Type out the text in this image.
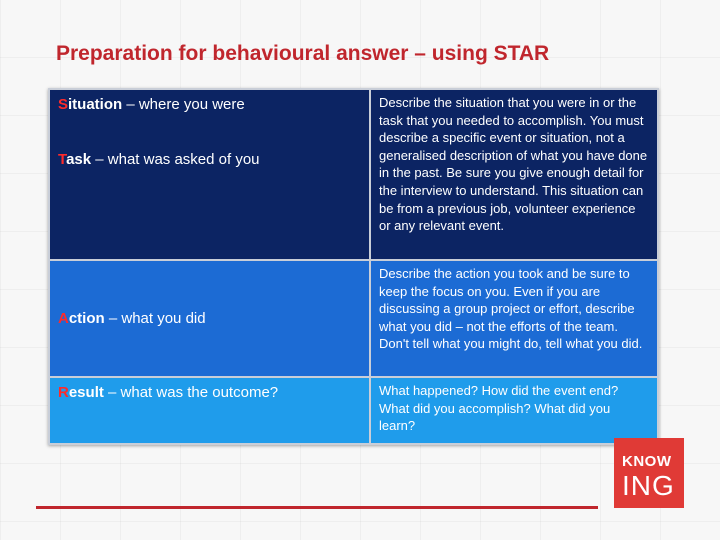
Preparation for behavioural answer – using STAR
Situation – where you were
Task – what was asked of you	Describe the situation that you were in or the task that you needed to accomplish. You must describe a specific event or situation, not a generalised description of what you have done in the past. Be sure you give enough detail for the interview to understand. This situation can be from a previous job, volunteer experience or any relevant event.

Action – what you did	Describe the action you took and be sure to keep the focus on you. Even if you are discussing a group project or effort, describe what you did – not the efforts of the team. Don't tell what you might do, tell what you did.

Result – what was the outcome?	What happened? How did the event end? What did you accomplish? What did you learn?
KNOW
ING
